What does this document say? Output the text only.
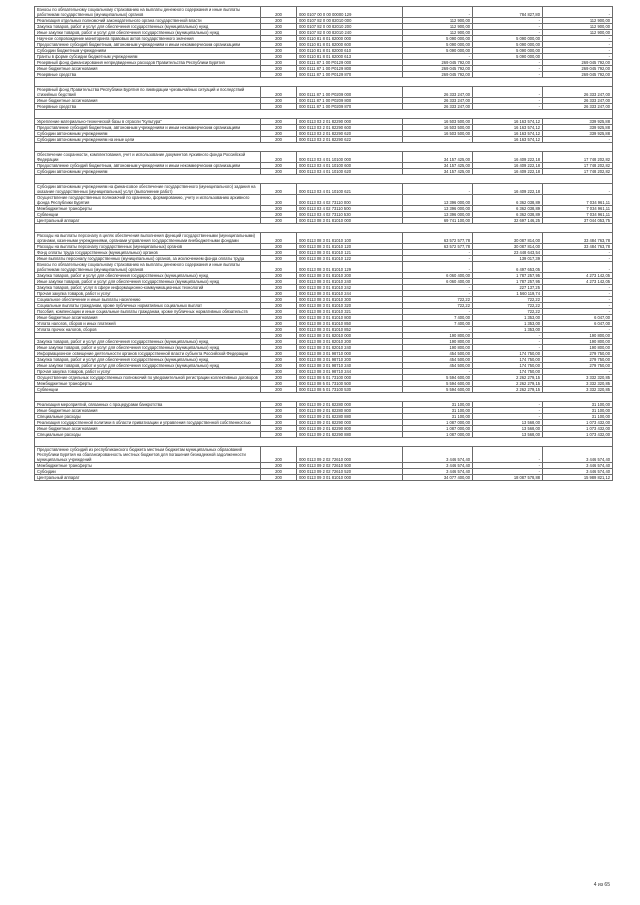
Взносы по обязательному социальному страхованию на выплаты денежного содержания и иные выплаты работникам государственных (муниципальных) органов	200	000 0107 00 0 00 00000 129	-	784 827,80	-
Реализация отдельных полномочий законодательного органа государственной власти	200	000 0107 82 0 00 82010 000	112 900,00	-	112 900,00
Закупка товаров, работ и услуг для обеспечения государственных (муниципальных) нужд	200	000 0107 82 0 00 82010 200	112 900,00	-	112 900,00
Иные закупки товаров, работ и услуг для обеспечения государственных (муниципальных) нужд	200	000 0107 82 0 00 82010 240	112 900,00	-	112 900,00
Научное сопровождение мониторинга правовых актов государственного значения	200	000 0110 81 8 01 82000 000	5 090 000,00	5 090 000,00	-
Предоставление субсидий бюджетным, автономным учреждениям и иным некоммерческим организациям	200	000 0110 81 8 01 82000 600	5 090 000,00	5 090 000,00	-
Субсидии бюджетным учреждениям	200	000 0110 81 8 01 82000 610	5 090 000,00	5 090 000,00	-
Гранты в форме субсидии бюджетным учреждениям	200	000 0110 81 8 01 82000 613	-	5 090 000,00	-
Резервный фонд финансирования непредвиденных расходов Правительства Республики Бурятия	200	000 0111 87 1 00 P0129 000	269 045 792,00	-	269 045 792,00
Иные бюджетные ассигнования	200	000 0111 87 1 00 P0129 800	269 045 792,00	-	269 045 792,00
Резервные средства	200	000 0111 87 1 00 P0129 870	269 045 792,00	-	269 045 792,00

Резервный фонд Правительства Республики Бурятия по ликвидации чрезвычайных ситуаций и последствий стихийных бедствий	200	000 0111 87 1 00 P0209 000	26 333 247,00	-	26 333 247,00
Иные бюджетные ассигнования	200	000 0111 87 1 00 P0209 800	26 333 247,00	-	26 333 247,00
Резервные средства	200	000 0111 87 1 00 P0209 870	26 333 247,00	-	26 333 247,00

Укрепление материально-технической базы в отрасли "Культура"	200	000 0113 03 2 01 82290 000	16 503 500,00	16 163 574,12	339 925,88
Предоставление субсидий бюджетным, автономным учреждениям и иным некоммерческим организациям	200	000 0113 03 2 01 82290 600	16 503 500,00	16 163 574,12	339 925,88
Субсидии автономным учреждениям	200	000 0113 03 2 01 82290 620	16 503 500,00	16 163 574,12	339 925,88
Субсидии автономным учреждениям на иные цели	200	000 0113 03 2 01 82290 622	-	16 163 574,12	-

Обеспечение сохранности, комплектования, учет и использование документов Архивного фонда Российской Федерации	200	000 0113 03 4 01 10100 000	34 157 425,00	16 409 222,18	17 748 202,82
Предоставление субсидий бюджетным, автономным учреждениям и иным некоммерческим организациям	200	000 0113 03 4 01 10100 600	34 157 425,00	16 409 222,18	17 748 202,82
Субсидии автономным учреждениям	200	000 0113 03 4 01 10100 620	34 157 425,00	16 409 222,18	17 748 202,82

Субсидии автономным учреждениям на финансовое обеспечение государственного (муниципального) задания на оказание государственных (муниципальных) услуг (выполнение работ)	200	000 0113 03 4 01 10100 621	-	16 409 222,18	-
Осуществление государственных полномочий по хранению, формированию, учету и использованию архивного фонда Республики Бурятия	200	000 0113 03 4 02 73110 000	13 396 000,00	6 362 038,89	7 034 961,11
Межбюджетные трансферты	200	000 0113 03 4 02 73110 500	13 396 000,00	6 362 038,89	7 034 961,11
Субвенции	200	000 0113 03 4 02 73110 530	13 396 000,00	6 362 038,89	7 034 961,11
Центральный аппарат	200	000 0113 08 3 01 81010 000	69 741 100,00	32 697 146,25	37 044 053,75

Расходы на выплаты персоналу в целях обеспечения выполнения функций государственными (муниципальными) органами, казенными учреждениями, органами управления государственными внебюджетными фондами	200	000 0113 08 3 01 81010 100	63 572 577,78	30 087 814,00	33 484 763,78
Расходы на выплаты персоналу государственных (муниципальных) органов	200	000 0113 08 3 01 81010 120	63 572 577,78	30 087 814,00	33 484 763,78
Фонд оплаты труда государственных (муниципальных) органов	200	000 0113 08 3 01 81010 121	-	23 448 643,54	-
Иные выплаты персоналу государственных (муниципальных) органов, за исключением фонда оплаты труда	200	000 0113 08 3 01 81010 122	-	139 017,39	-
Взносы по обязательному социальному страхованию на выплаты денежного содержания и иные выплаты работникам государственных (муниципальных) органов	200	000 0113 08 3 01 81010 129	-	6 497 653,05	-
Закупка товаров, работ и услуг для обеспечения государственных (муниципальных) нужд	200	000 0113 08 3 01 81010 200	6 060 400,00	1 787 257,95	4 273 142,05
Иные закупки товаров, работ и услуг для обеспечения государственных (муниципальных) нужд	200	000 0113 08 3 01 81010 240	6 060 400,00	1 787 257,95	4 273 142,05
Закупка товаров, работ, услуг в сфере информационно-коммуникационных технологий	200	000 0113 08 3 01 81010 242	-	227 137,25	-
Прочая закупка товаров, работ и услуг	200	000 0113 08 3 01 81010 244	-	1 560 119,74	-
Социальное обеспечение и иные выплаты населению	200	000 0113 08 3 01 81010 300	722,22	722,22	-
Социальные выплаты гражданам, кроме публичных нормативных социальных выплат	200	000 0113 08 3 01 81010 320	722,22	722,22	-
Пособия, компенсации и иные социальные выплаты гражданам, кроме публичных нормативных обязательств	200	000 0113 08 3 01 81010 321	-	722,22	-
Иные бюджетные ассигнования	200	000 0113 08 3 01 81010 800	7 400,00	1 353,00	6 047,00
Уплата налогов, сборов и иных платежей	200	000 0113 08 3 01 81010 850	7 400,00	1 353,00	6 047,00
Уплата прочих налогов, сборов	200	000 0113 08 3 01 81010 852	-	1 353,00	-
	200	000 0113 08 3 01 82010 000	190 800,00	-	190 800,00
Закупка товаров, работ и услуг для обеспечения государственных (муниципальных) нужд	200	000 0113 08 3 01 82010 200	190 800,00	-	190 800,00
Иные закупки товаров, работ и услуг для обеспечения государственных (муниципальных) нужд	200	000 0113 08 3 01 82010 240	190 800,00	-	190 800,00
Информационное освещение деятельности органов государственной власти субъекта Российской Федерации	200	000 0113 08 3 01 98710 000	454 500,00	174 750,00	279 750,00
Закупка товаров, работ и услуг для обеспечения государственных (муниципальных) нужд	200	000 0113 08 3 01 98710 200	454 500,00	174 750,00	279 750,00
Иные закупки товаров, работ и услуг для обеспечения государственных (муниципальных) нужд	200	000 0113 08 3 01 98710 240	454 500,00	174 750,00	279 750,00
Прочая закупка товаров, работ и услуг	200	000 0113 08 3 01 98710 244	-	174 750,00	-
Осуществление отдельных государственных полномочий по уведомительной регистрации коллективных договоров	200	000 0113 08 5 01 73100 000	5 594 600,00	2 262 279,15	3 332 320,85
Межбюджетные трансферты	200	000 0113 08 5 01 73100 500	5 594 600,00	2 262 279,15	3 332 320,85
Субвенции	200	000 0113 08 5 01 73100 530	5 594 600,00	2 262 279,15	3 332 320,85

Реализация мероприятий, связанных с процедурами банкротства	200	000 0113 09 2 01 82280 000	31 100,00	-	31 100,00
Иные бюджетные ассигнования	200	000 0113 09 2 01 82280 800	31 100,00	-	31 100,00
Специальные расходы	200	000 0113 09 2 01 82280 880	31 100,00	-	31 100,00
Реализация государственной политики в области приватизации и управления государственной собственностью	200	000 0113 09 2 01 82290 000	1 087 000,00	13 568,00	1 073 432,00
Иные бюджетные ассигнования	200	000 0113 09 2 01 82290 800	1 087 000,00	13 568,00	1 073 432,00
Специальные расходы	200	000 0113 09 2 01 82290 880	1 087 000,00	13 568,00	1 073 432,00

Предоставление субсидий из республиканского бюджета местным бюджетам муниципальных образований Республики Бурятия на сбалансированность местных бюджетов для погашения безнадежной задолженности муниципальных учреждений	200	000 0113 09 2 02 72610 000	3 446 574,40	-	3 446 574,40
Межбюджетные трансферты	200	000 0113 09 2 02 72610 500	3 446 574,40	-	3 446 574,40
Субсидии	200	000 0113 09 2 02 72610 520	3 446 574,40	-	3 446 574,40
Центральный аппарат	200	000 0113 09 3 01 81010 000	34 077 400,00	18 087 578,88	15 989 821,12
4 из 65
